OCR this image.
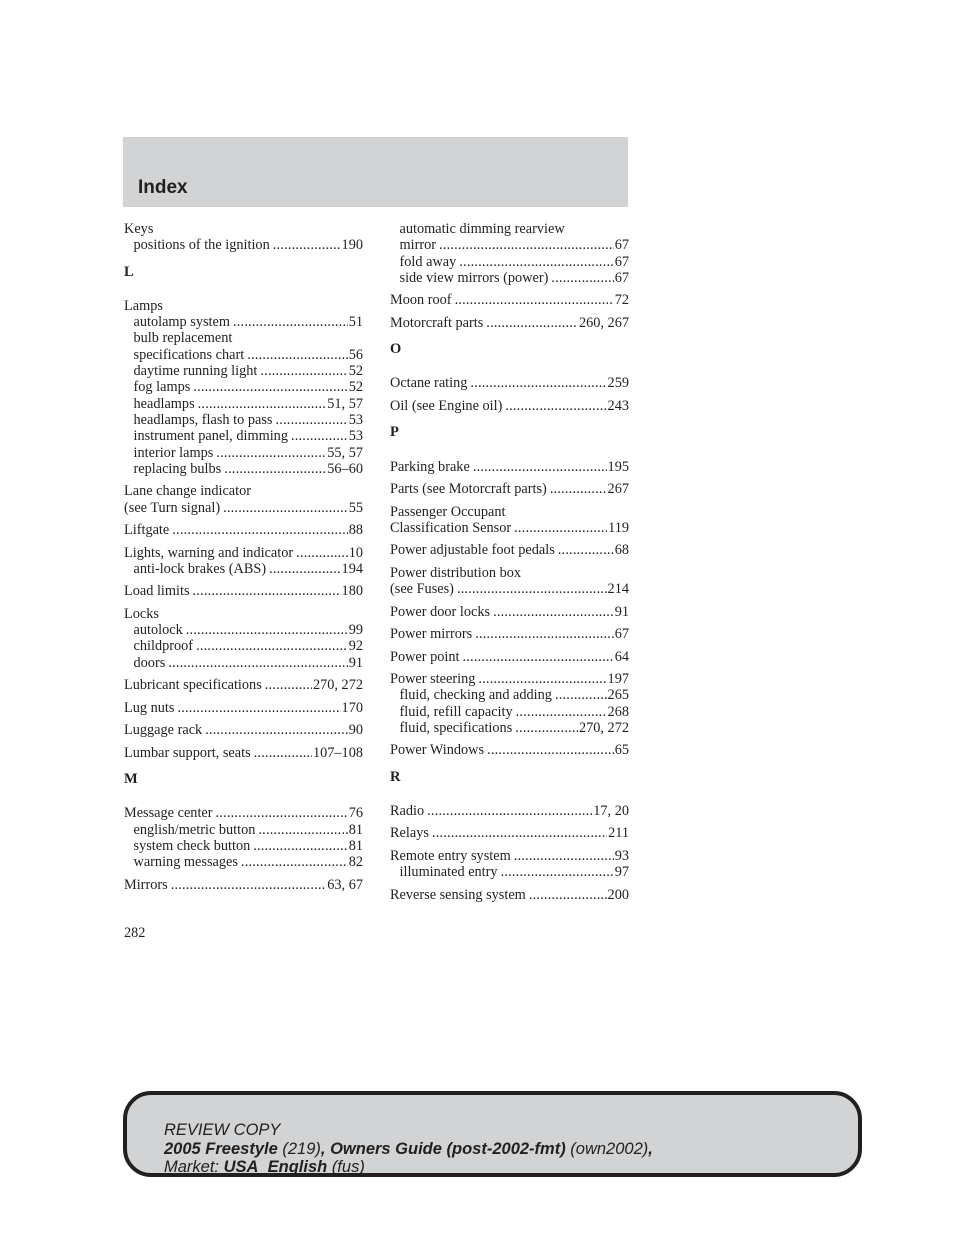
Index
Keys
positions of the ignition .....	190
L
Lamps
autolamp system .....	51
bulb replacement
specifications chart .....	56
daytime running light .....	52
fog lamps .....	52
headlamps .....	51, 57
headlamps, flash to pass .....	53
instrument panel, dimming .....	53
interior lamps .....	55, 57
replacing bulbs .....	56–60
Lane change indicator
(see Turn signal) .....	55
Liftgate .....	88
Lights, warning and indicator .....	10
anti-lock brakes (ABS) .....	194
Load limits .....	180
Locks
autolock .....	99
childproof .....	92
doors .....	91
Lubricant specifications .....	270, 272
Lug nuts .....	170
Luggage rack .....	90
Lumbar support, seats .....	107–108
M
Message center .....	76
english/metric button .....	81
system check button .....	81
warning messages .....	82
Mirrors .....	63, 67
automatic dimming rearview
mirror .....	67
fold away .....	67
side view mirrors (power) .....	67
Moon roof .....	72
Motorcraft parts .....	260, 267
O
Octane rating .....	259
Oil (see Engine oil) .....	243
P
Parking brake .....	195
Parts (see Motorcraft parts) .....	267
Passenger Occupant
Classification Sensor .....	119
Power adjustable foot pedals .....	68
Power distribution box
(see Fuses) .....	214
Power door locks .....	91
Power mirrors .....	67
Power point .....	64
Power steering .....	197
fluid, checking and adding .....	265
fluid, refill capacity .....	268
fluid, specifications .....	270, 272
Power Windows .....	65
R
Radio .....	17, 20
Relays .....	211
Remote entry system .....	93
illuminated entry .....	97
Reverse sensing system .....	200
282
REVIEW COPY
2005 Freestyle (219), Owners Guide (post-2002-fmt) (own2002),
Market: USA_English (fus)
